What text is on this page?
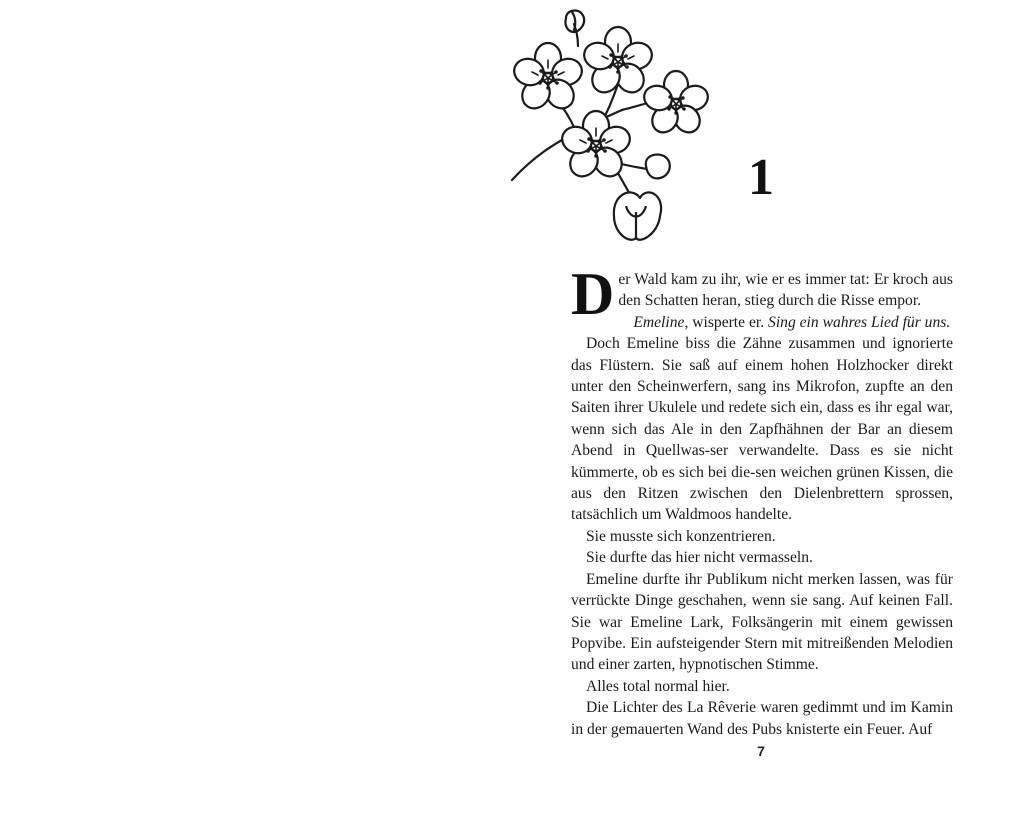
1

Der Wald kam zu ihr, wie er es immer tat: Er kroch aus den Schatten heran, stieg durch die Risse empor.

Emeline, wisperte er. Sing ein wahres Lied für uns.

Doch Emeline biss die Zähne zusammen und ignorierte das Flüstern. Sie saß auf einem hohen Holzhocker direkt unter den Scheinwerfern, sang ins Mikrofon, zupfte an den Saiten ihrer Ukulele und redete sich ein, dass es ihr egal war, wenn sich das Ale in den Zapfhähnen der Bar an diesem Abend in Quellwas-ser verwandelte. Dass es sie nicht kümmerte, ob es sich bei die-sen weichen grünen Kissen, die aus den Ritzen zwischen den Dielenbrettern sprossen, tatsächlich um Waldmoos handelte.

Sie musste sich konzentrieren.

Sie durfte das hier nicht vermasseln.

Emeline durfte ihr Publikum nicht merken lassen, was für verrückte Dinge geschahen, wenn sie sang. Auf keinen Fall. Sie war Emeline Lark, Folksängerin mit einem gewissen Popvibe. Ein aufsteigender Stern mit mitreißenden Melodien und einer zarten, hypnotischen Stimme.

Alles total normal hier.

Die Lichter des La Rêverie waren gedimmt und im Kamin in der gemauerten Wand des Pubs knisterte ein Feuer. Auf

7
